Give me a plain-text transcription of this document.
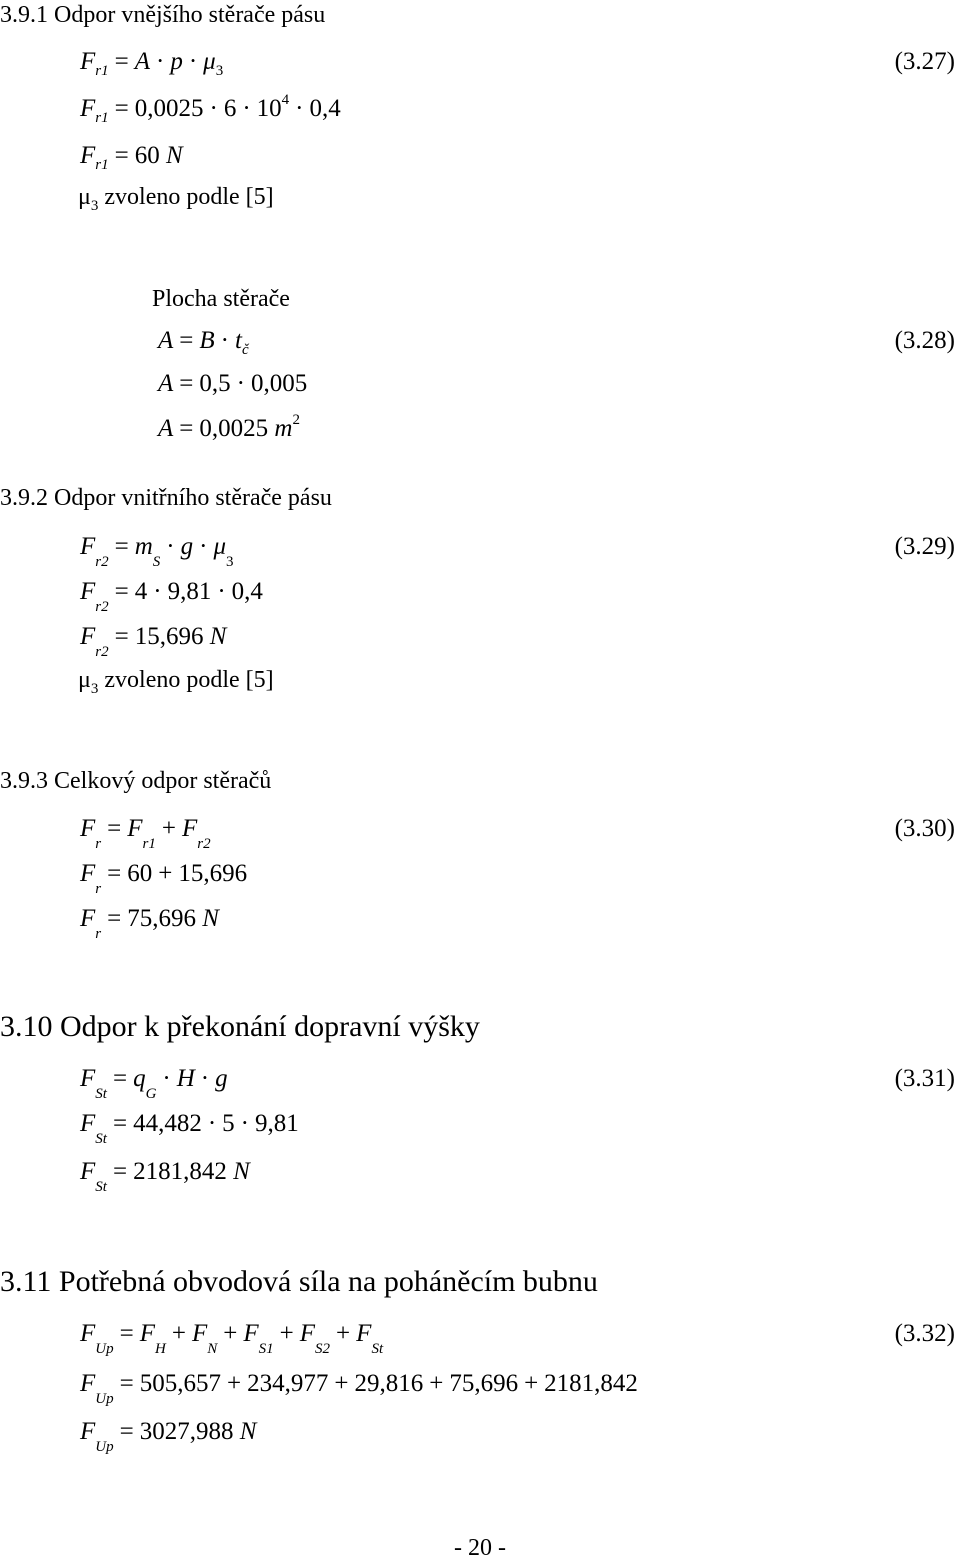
3.9.1 Odpor vnějšího stěrače pásu
$F_{r1} = A \cdot p \cdot \mu_3$	(3.27)
$F_{r1} = 0,0025 \cdot 6 \cdot 10^4 \cdot 0,4$
$F_{r1} = 60$ N
$\mu_3$ zvoleno podle [5]
Plocha stěrače
$A = B \cdot t_č$	(3.28)
A = 0,5 · 0,005
A = 0,0025 $m^2$
3.9.2 Odpor vnitřního stěrače pásu
$F_{r2}= m_S\cdot g \cdot \mu_3$
(3.29)
$F_{r2}= 4 \cdot 9,81 \cdot 0,4$
$F_{r2}= 15,696$ N
$\mu_3$ zvoleno podle [5]
3.9.3 Celkový odpor stěračů
$F_r= F_{r1}+ F_{r2}$
(3.30)
$F_r= 60 + 15,696$
$F_r= 75,696$ N
3.10 Odpor k překonání dopravní výšky
$F_{St}= q_G\cdot H \cdot g$	(3.31)
$F_{St}= 44,482 \cdot 5 \cdot 9,81$
$F_{St}= 2181,842$ N
3.11 Potřebná obvodová síla na poháněcím bubnu
$F_{Up}= F_H+ F_N+ F_{S1}+ F_{S2}+ F_{St}$
(3.32)
$F_{Up}= 505,657 + 234,977 + 29,816 + 75,696 + 2181,842$
$F_{Up}= 3027,988$ N
- 20 -
